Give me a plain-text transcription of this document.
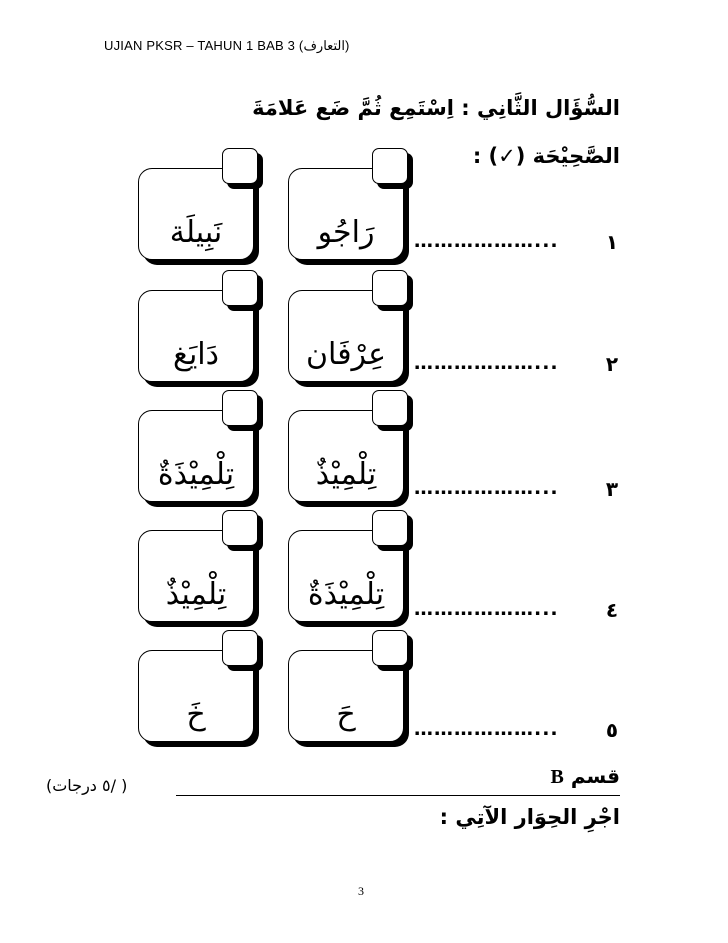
UJIAN PKSR – TAHUN 1 BAB 3 (التعارف)
السُّؤَال الثَّانِي : اِسْتَمِع ثُمَّ ضَع عَلامَةَ
الصَّحِيْحَة (✓) :
نَبِيلَة	رَاجُو	………………... ١
دَايَغ	عِرْفَان	………………... ٢
تِلْمِيْذَةٌ	تِلْمِيْذٌ	………………... ٣
تِلْمِيْذٌ	تِلْمِيْذَةٌ	………………... ٤
خَ	حَ	………………... ٥
قسم B
( /٥ درجات)
اجْرِ الحِوَار الآتِي :
3
